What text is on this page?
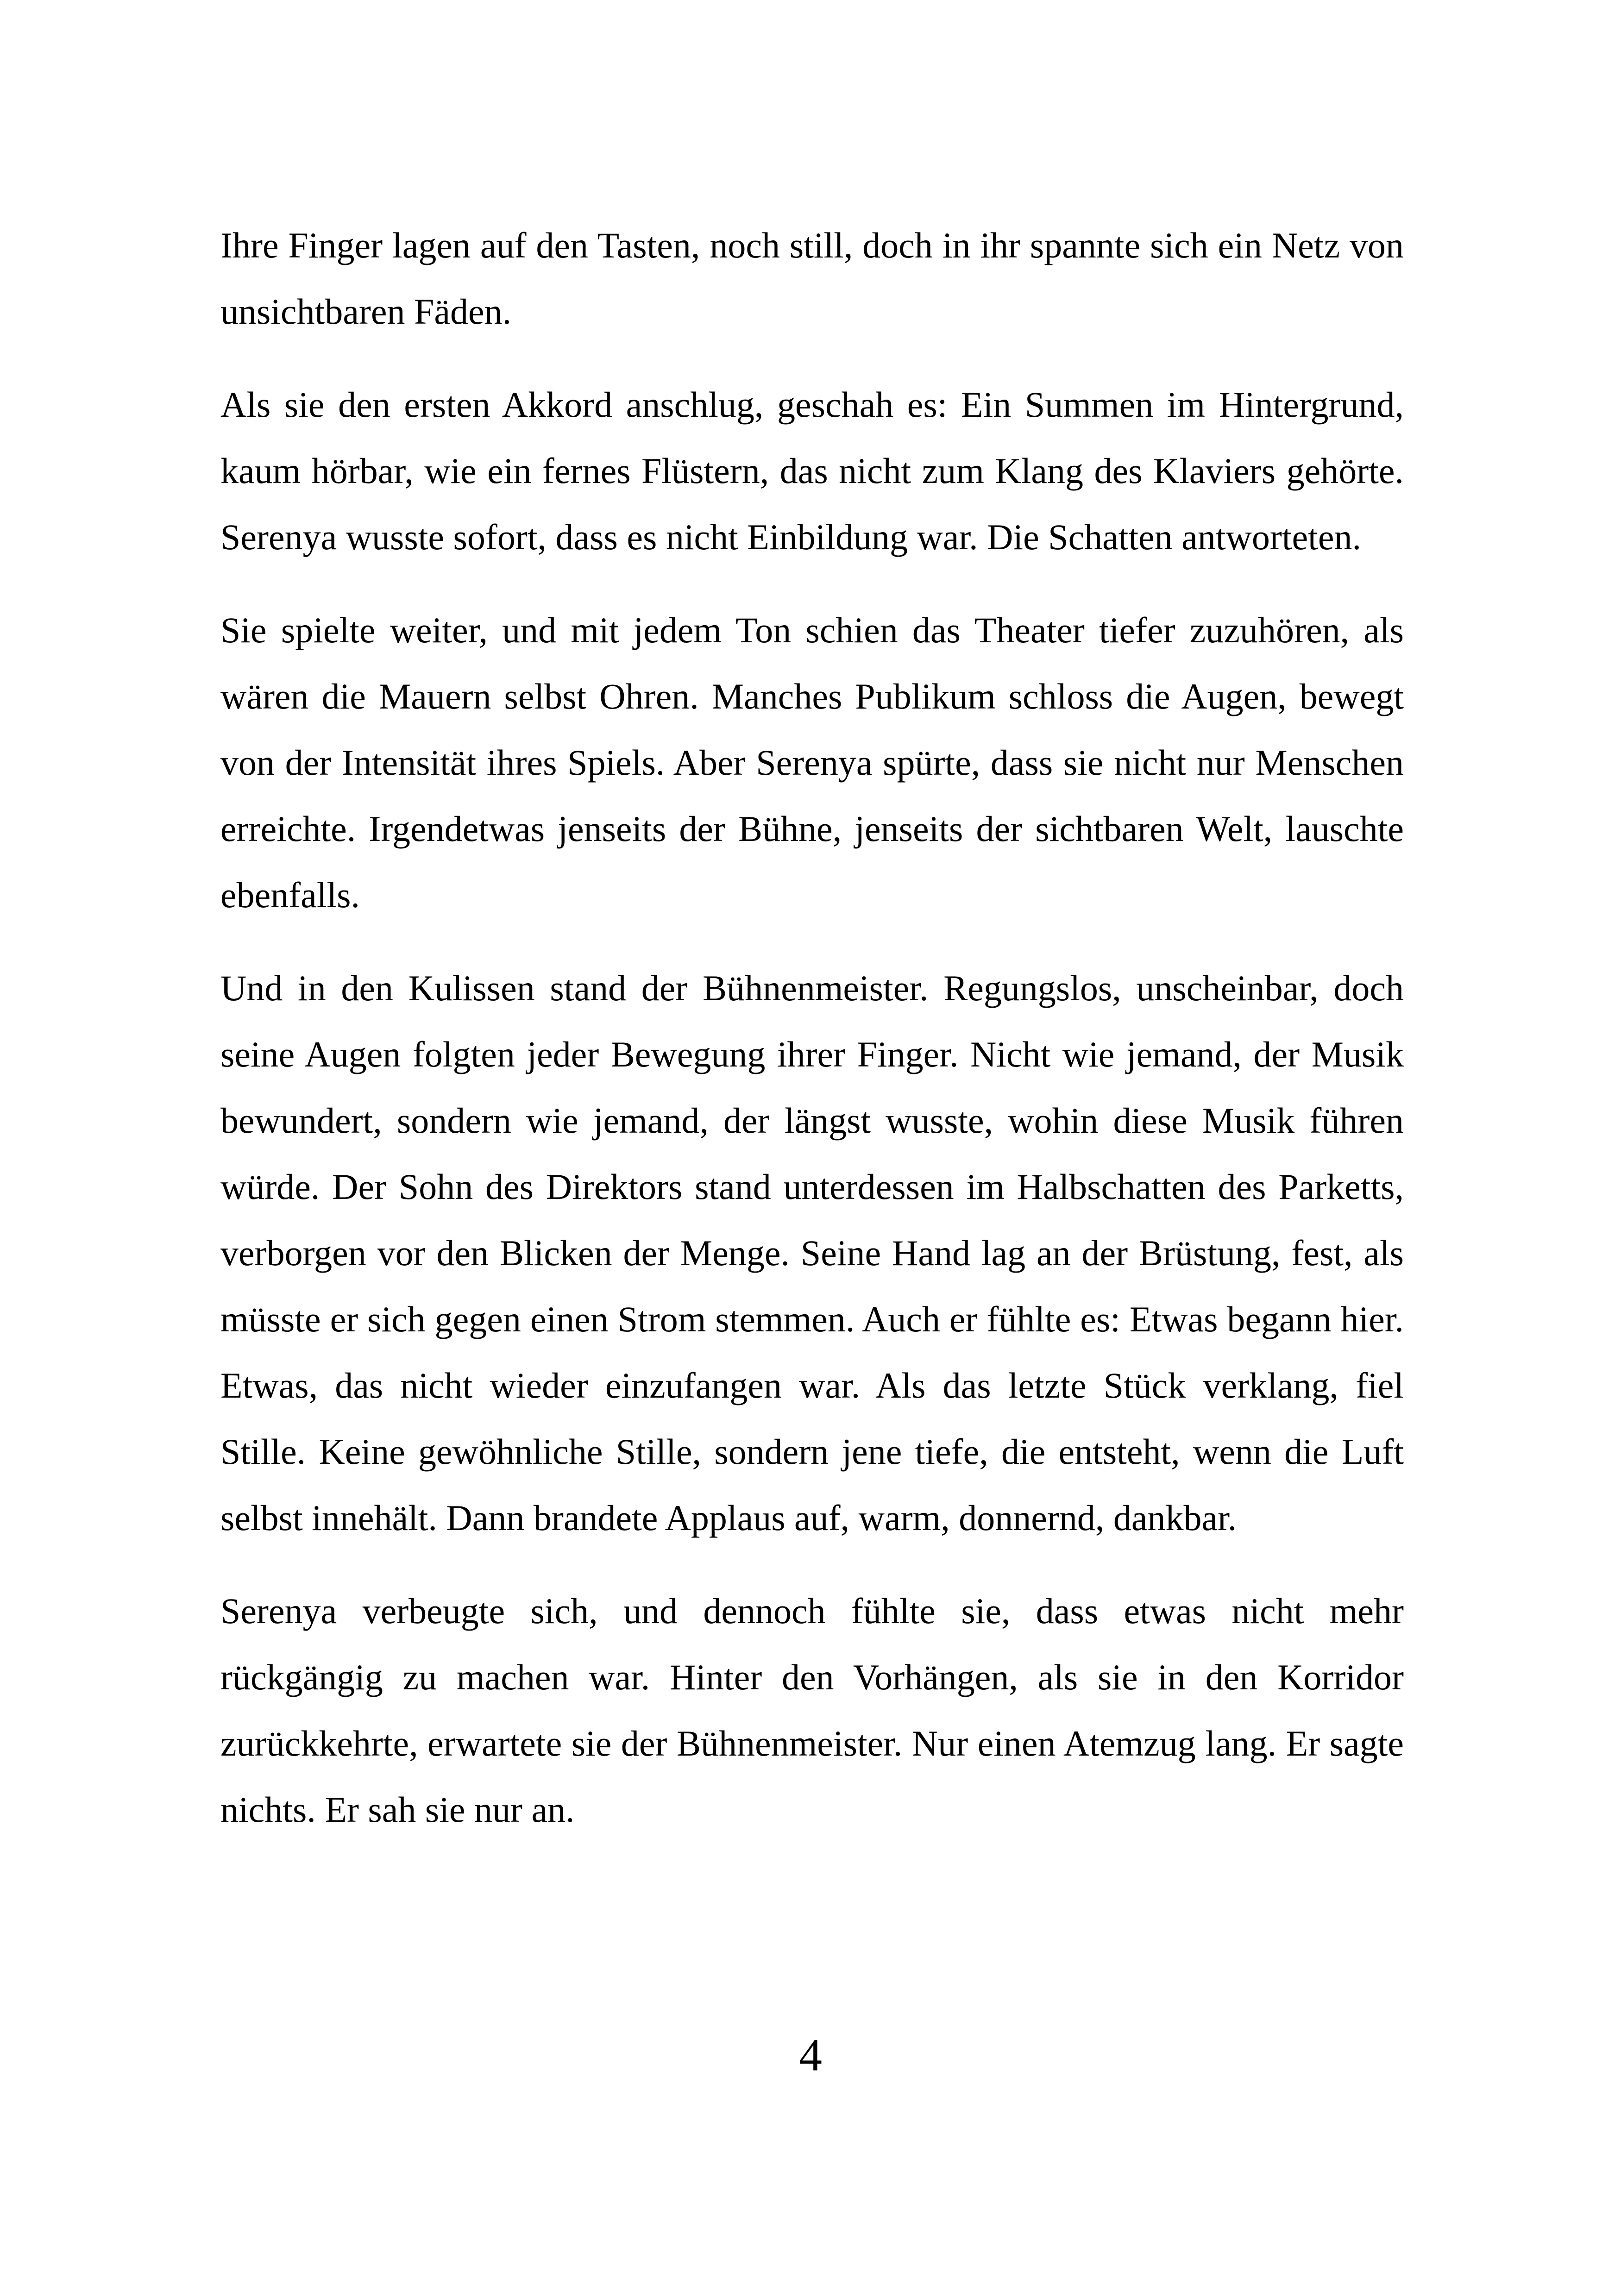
Ihre Finger lagen auf den Tasten, noch still, doch in ihr spannte sich ein Netz von unsichtbaren Fäden.

Als sie den ersten Akkord anschlug, geschah es: Ein Summen im Hintergrund, kaum hörbar, wie ein fernes Flüstern, das nicht zum Klang des Klaviers gehörte. Serenya wusste sofort, dass es nicht Einbildung war. Die Schatten antworteten.

Sie spielte weiter, und mit jedem Ton schien das Theater tiefer zuzuhören, als wären die Mauern selbst Ohren. Manches Publikum schloss die Augen, bewegt von der Intensität ihres Spiels. Aber Serenya spürte, dass sie nicht nur Menschen erreichte. Irgendetwas jenseits der Bühne, jenseits der sichtbaren Welt, lauschte ebenfalls.

Und in den Kulissen stand der Bühnenmeister. Regungslos, unscheinbar, doch seine Augen folgten jeder Bewegung ihrer Finger. Nicht wie jemand, der Musik bewundert, sondern wie jemand, der längst wusste, wohin diese Musik führen würde. Der Sohn des Direktors stand unterdessen im Halbschatten des Parketts, verborgen vor den Blicken der Menge. Seine Hand lag an der Brüstung, fest, als müsste er sich gegen einen Strom stemmen. Auch er fühlte es: Etwas begann hier. Etwas, das nicht wieder einzufangen war. Als das letzte Stück verklang, fiel Stille. Keine gewöhnliche Stille, sondern jene tiefe, die entsteht, wenn die Luft selbst innehält. Dann brandete Applaus auf, warm, donnernd, dankbar.

Serenya verbeugte sich, und dennoch fühlte sie, dass etwas nicht mehr rückgängig zu machen war. Hinter den Vorhängen, als sie in den Korridor zurückkehrte, erwartete sie der Bühnenmeister. Nur einen Atemzug lang. Er sagte nichts. Er sah sie nur an.

4
